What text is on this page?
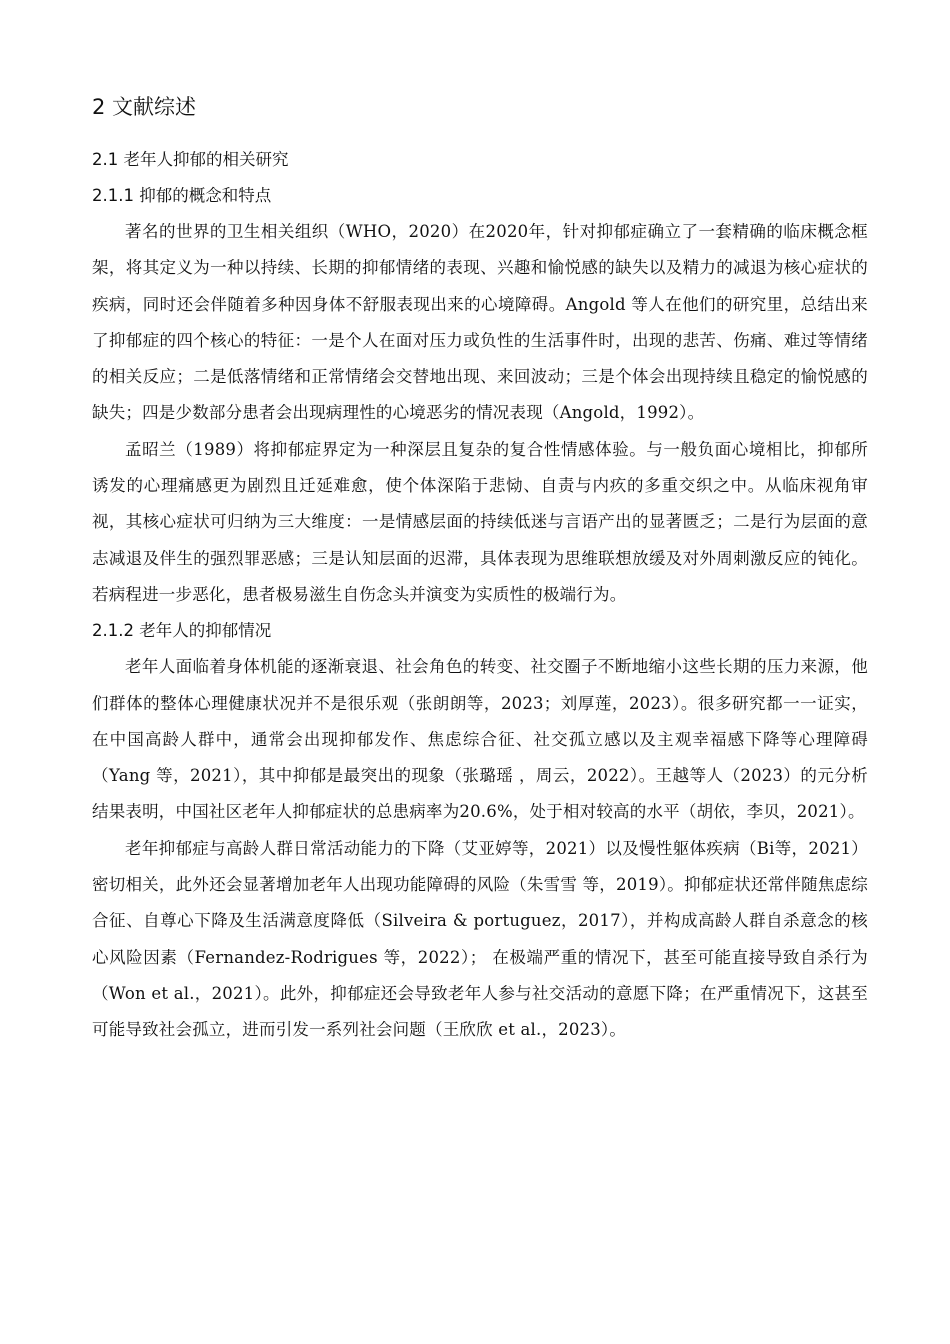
2 文献综述
2.1 老年人抑郁的相关研究
2.1.1 抑郁的概念和特点

著名的世界的卫生相关组织（WHO，2020）在2020年，针对抑郁症确立了一套精确的临床概念框架，将其定义为一种以持续、长期的抑郁情绪的表现、兴趣和愉悦感的缺失以及精力的减退为核心症状的疾病，同时还会伴随着多种因身体不舒服表现出来的心境障碍。Angold 等人在他们的研究里，总结出来了抑郁症的四个核心的特征：一是个人在面对压力或负性的生活事件时，出现的悲苦、伤痛、难过等情绪的相关反应；二是低落情绪和正常情绪会交替地出现、来回波动；三是个体会出现持续且稳定的愉悦感的缺失；四是少数部分患者会出现病理性的心境恶劣的情况表现（Angold，1992）。

孟昭兰（1989）将抑郁症界定为一种深层且复杂的复合性情感体验。与一般负面心境相比，抑郁所诱发的心理痛感更为剧烈且迁延难愈，使个体深陷于悲恸、自责与内疚的多重交织之中。从临床视角审视，其核心症状可归纳为三大维度：一是情感层面的持续低迷与言语产出的显著匮乏；二是行为层面的意志减退及伴生的强烈罪恶感；三是认知层面的迟滞，具体表现为思维联想放缓及对外周刺激反应的钝化。若病程进一步恶化，患者极易滋生自伤念头并演变为实质性的极端行为。

2.1.2 老年人的抑郁情况

老年人面临着身体机能的逐渐衰退、社会角色的转变、社交圈子不断地缩小这些长期的压力来源，他们群体的整体心理健康状况并不是很乐观（张朗朗等，2023；刘厚莲，2023）。很多研究都一一证实，在中国高龄人群中，通常会出现抑郁发作、焦虑综合征、社交孤立感以及主观幸福感下降等心理障碍（Yang 等，2021），其中抑郁是最突出的现象（张璐瑶 ，周云，2022）。王越等人（2023）的元分析结果表明，中国社区老年人抑郁症状的总患病率为20.6%，处于相对较高的水平（胡依，李贝，2021）。

老年抑郁症与高龄人群日常活动能力的下降（艾亚婷等，2021）以及慢性躯体疾病（Bi等，2021）密切相关，此外还会显著增加老年人出现功能障碍的风险（朱雪雪 等，2019）。抑郁症状还常伴随焦虑综合征、自尊心下降及生活满意度降低（Silveira & portuguez，2017），并构成高龄人群自杀意念的核心风险因素（Fernandez-Rodrigues 等，2022）； 在极端严重的情况下，甚至可能直接导致自杀行为（Won et al.，2021）。此外，抑郁症还会导致老年人参与社交活动的意愿下降；在严重情况下，这甚至可能导致社会孤立，进而引发一系列社会问题（王欣欣 et al.，2023）。
